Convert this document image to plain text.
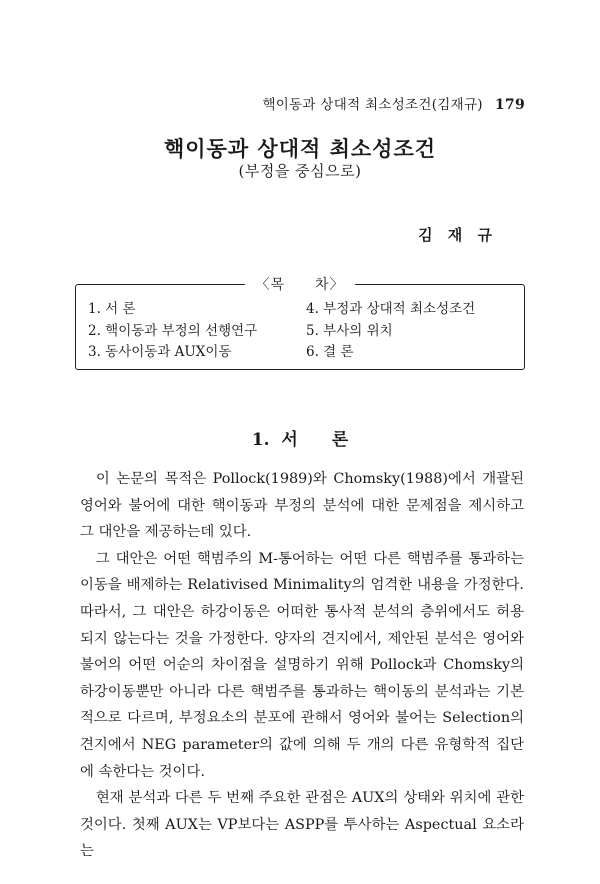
핵이동과 상대적 최소성조건(김재규) 179
핵이동과 상대적 최소성조건
(부정을 중심으로)
김 재 규
〈목　　차〉
1. 서 론
2. 핵이동과 부정의 선행연구
3. 동사이동과 AUX이동
4. 부정과 상대적 최소성조건
5. 부사의 위치
6. 결 론
1. 서　　론

이 논문의 목적은 Pollock(1989)와 Chomsky(1988)에서 개괄된 영어와 불어에 대한 핵이동과 부정의 분석에 대한 문제점을 제시하고 그 대안을 제공하는데 있다.

그 대안은 어떤 핵범주의 M-통어하는 어떤 다른 핵범주를 통과하는 이동을 배제하는 Relativised Minimality의 엄격한 내용을 가정한다. 따라서, 그 대안은 하강이동은 어떠한 통사적 분석의 층위에서도 허용되지 않는다는 것을 가정한다. 양자의 견지에서, 제안된 분석은 영어와 불어의 어떤 어순의 차이점을 설명하기 위해 Pollock과 Chomsky의 하강이동뿐만 아니라 다른 핵범주를 통과하는 핵이동의 분석과는 기본적으로 다르며, 부정요소의 분포에 관해서 영어와 불어는 Selection의 견지에서 NEG parameter의 값에 의해 두 개의 다른 유형학적 집단에 속한다는 것이다.

현재 분석과 다른 두 번째 주요한 관점은 AUX의 상태와 위치에 관한 것이다. 첫째 AUX는 VP보다는 ASPP를 투사하는 Aspectual 요소라는
